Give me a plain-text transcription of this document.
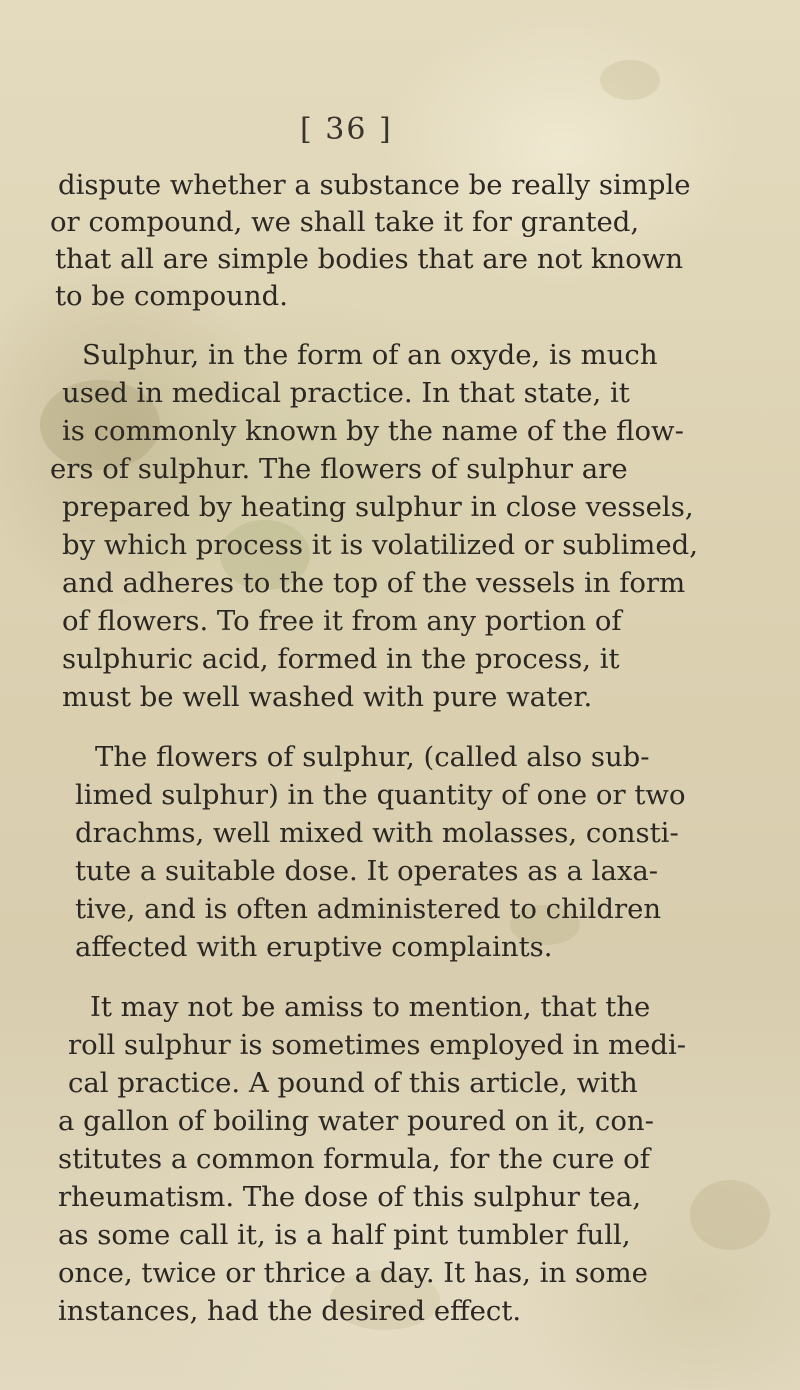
[ 36 ]
dispute whether a substance be really simple
or compound, we shall take it for granted,
that all are simple bodies that are not known
to be compound.
Sulphur, in the form of an oxyde, is much
used in medical practice. In that state, it
is commonly known by the name of the flow-
ers of sulphur. The flowers of sulphur are
prepared by heating sulphur in close vessels,
by which process it is volatilized or sublimed,
and adheres to the top of the vessels in form
of flowers. To free it from any portion of
sulphuric acid, formed in the process, it
must be well washed with pure water.
The flowers of sulphur, (called also sub-
limed sulphur) in the quantity of one or two
drachms, well mixed with molasses, consti-
tute a suitable dose. It operates as a laxa-
tive, and is often administered to children
affected with eruptive complaints.
It may not be amiss to mention, that the
roll sulphur is sometimes employed in medi-
cal practice. A pound of this article, with
a gallon of boiling water poured on it, con-
stitutes a common formula, for the cure of
rheumatism. The dose of this sulphur tea,
as some call it, is a half pint tumbler full,
once, twice or thrice a day. It has, in some
instances, had the desired effect.
